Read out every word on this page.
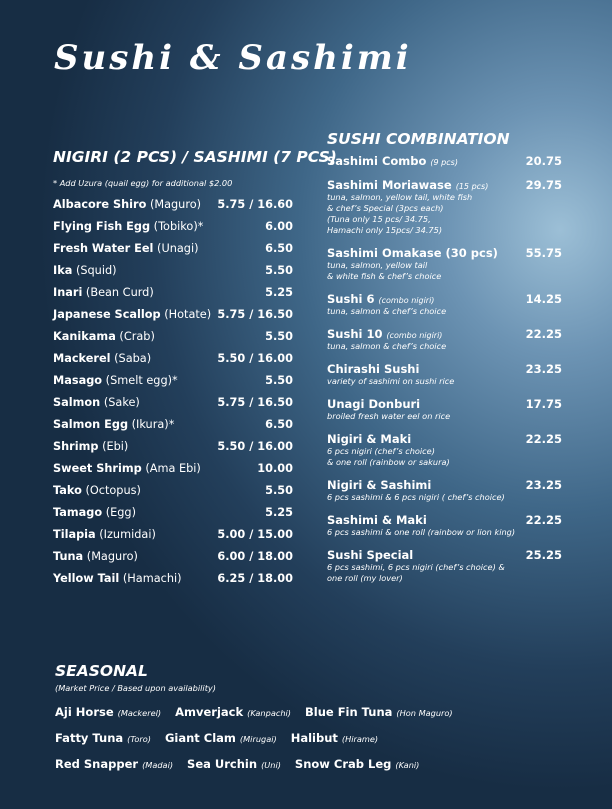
Sushi & Sashimi
NIGIRI (2 PCS) / SASHIMI (7 PCS)
* Add Uzura (quail egg) for additional $2.00
Albacore Shiro (Maguro) 5.75 / 16.60
Flying Fish Egg (Tobiko)*	6.00
Fresh Water Eel (Unagi)	6.50
Ika (Squid)	5.50
Inari (Bean Curd)	5.25
Japanese Scallop (Hotate) 5.75 / 16.50
Kanikama (Crab)	5.50
Mackerel (Saba)	5.50 / 16.00
Masago (Smelt egg)*	5.50
Salmon (Sake)	5.75 / 16.50
Salmon Egg (Ikura)*	6.50
Shrimp (Ebi)	5.50 / 16.00
Sweet Shrimp (Ama Ebi)	10.00
Tako (Octopus)	5.50
Tamago (Egg)	5.25
Tilapia (Izumidai)	5.00 / 15.00
Tuna (Maguro)	6.00 / 18.00
Yellow Tail (Hamachi)	6.25 / 18.00
SUSHI COMBINATION
Sashimi Combo (9 pcs)	20.75
Sashimi Moriawase (15 pcs)	29.75
tuna, salmon, yellow tail, white fish
& chef’s Special (3pcs each)
(Tuna only 15 pcs/ 34.75,
Hamachi only 15pcs/ 34.75)
Sashimi Omakase (30 pcs) 55.75
tuna, salmon, yellow tail
& white fish & chef’s choice
Sushi 6 (combo nigiri)	14.25
tuna, salmon & chef’s choice
Sushi 10 (combo nigiri)	22.25
tuna, salmon & chef’s choice
Chirashi Sushi	23.25
variety of sashimi on sushi rice
Unagi Donburi	17.75
broiled fresh water eel on rice
Nigiri & Maki	22.25
6 pcs nigiri (chef’s choice)
& one roll (rainbow or sakura)
Nigiri & Sashimi	23.25
6 pcs sashimi & 6 pcs nigiri ( chef’s choice)
Sashimi & Maki	22.25
6 pcs sashimi & one roll (rainbow or lion king)
Sushi Special	25.25
6 pcs sashimi, 6 pcs nigiri (chef’s choice) &
one roll (my lover)
SEASONAL
(Market Price / Based upon availability)
Aji Horse (Mackerel) Amverjack (Kanpachi) Blue Fin Tuna (Hon Maguro)
Fatty Tuna (Toro) Giant Clam (Mirugai) Halibut (Hirame)
Red Snapper (Madai) Sea Urchin (Uni) Snow Crab Leg (Kani)
